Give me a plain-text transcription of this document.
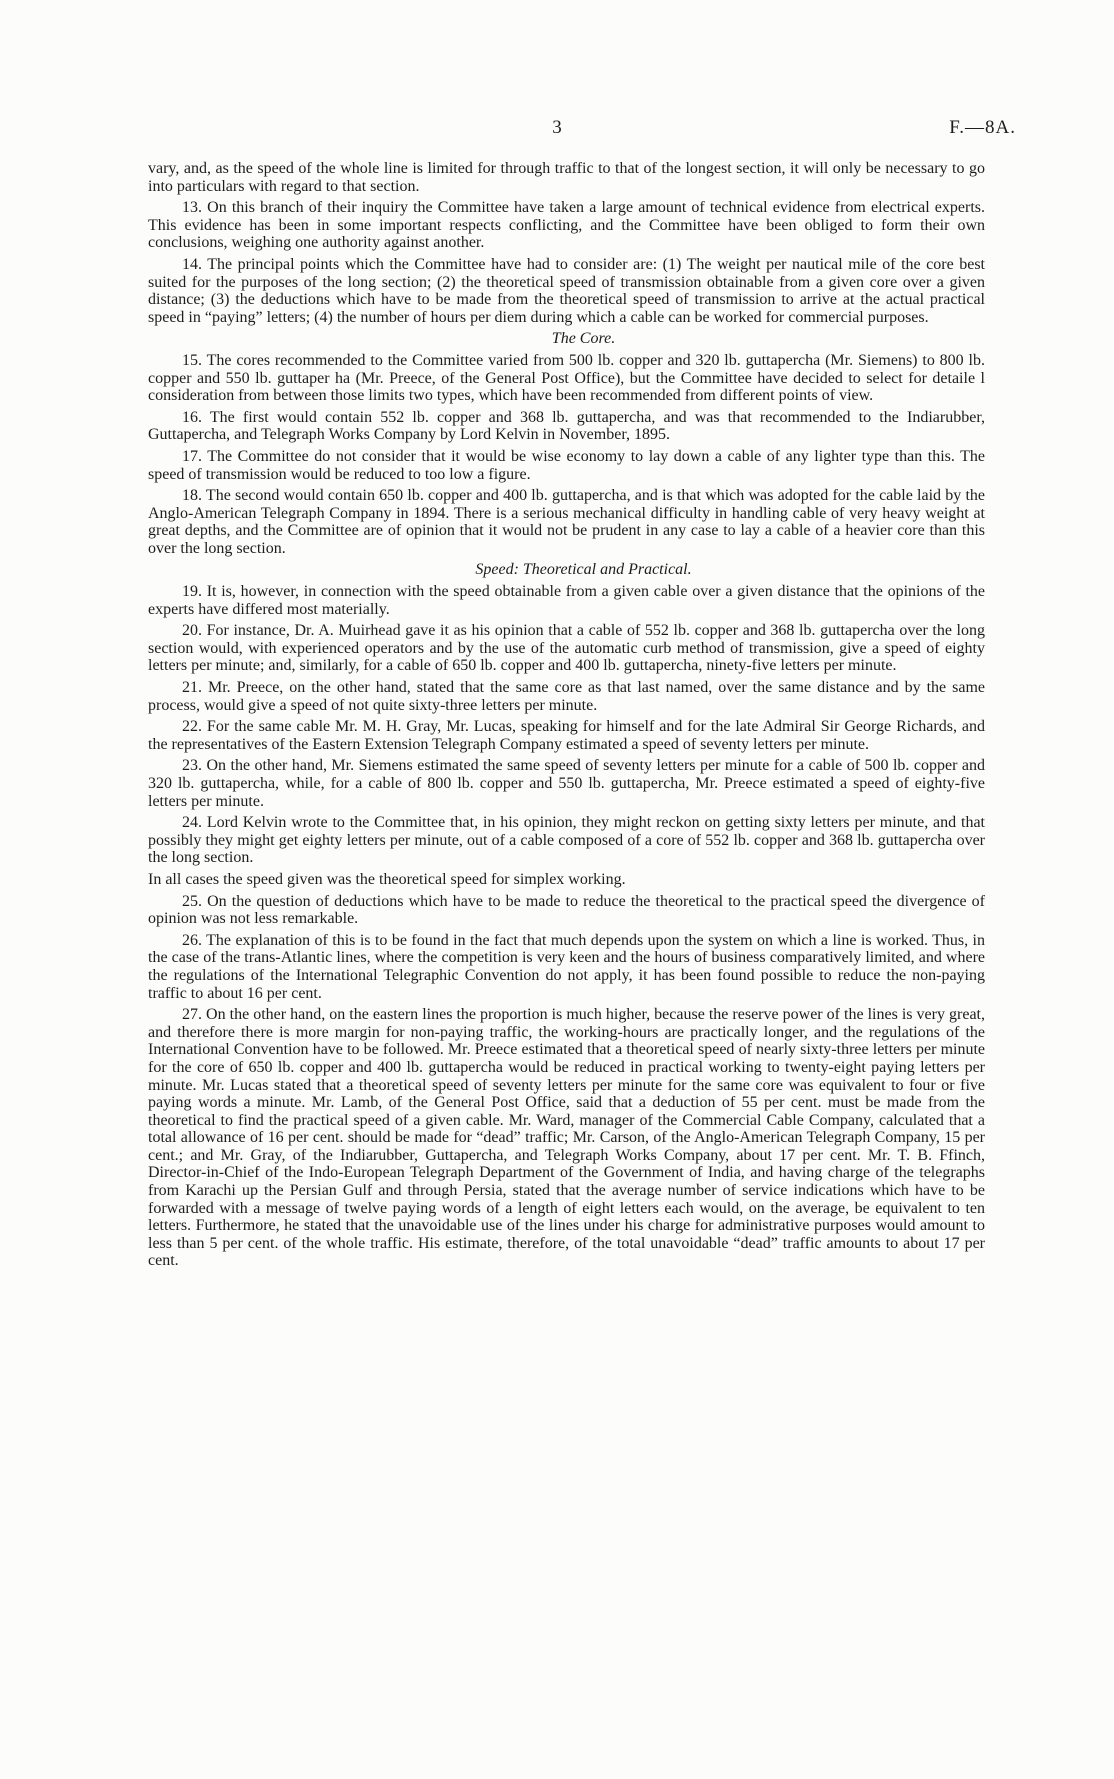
3	F.—8A.

vary, and, as the speed of the whole line is limited for through traffic to that of the longest section, it will only be necessary to go into particulars with regard to that section.

13. On this branch of their inquiry the Committee have taken a large amount of technical evidence from electrical experts. This evidence has been in some important respects conflicting, and the Committee have been obliged to form their own conclusions, weighing one authority against another.

14. The principal points which the Committee have had to consider are: (1) The weight per nautical mile of the core best suited for the purposes of the long section; (2) the theoretical speed of transmission obtainable from a given core over a given distance; (3) the deductions which have to be made from the theoretical speed of transmission to arrive at the actual practical speed in “paying” letters; (4) the number of hours per diem during which a cable can be worked for commercial purposes.

The Core.

15. The cores recommended to the Committee varied from 500 lb. copper and 320 lb. guttapercha (Mr. Siemens) to 800 lb. copper and 550 lb. guttaper ha (Mr. Preece, of the General Post Office), but the Committee have decided to select for detaile l consideration from between those limits two types, which have been recommended from different points of view.

16. The first would contain 552 lb. copper and 368 lb. guttapercha, and was that recommended to the Indiarubber, Guttapercha, and Telegraph Works Company by Lord Kelvin in November, 1895.

17. The Committee do not consider that it would be wise economy to lay down a cable of any lighter type than this. The speed of transmission would be reduced to too low a figure.

18. The second would contain 650 lb. copper and 400 lb. guttapercha, and is that which was adopted for the cable laid by the Anglo-American Telegraph Company in 1894. There is a serious mechanical difficulty in handling cable of very heavy weight at great depths, and the Committee are of opinion that it would not be prudent in any case to lay a cable of a heavier core than this over the long section.

Speed: Theoretical and Practical.

19. It is, however, in connection with the speed obtainable from a given cable over a given distance that the opinions of the experts have differed most materially.

20. For instance, Dr. A. Muirhead gave it as his opinion that a cable of 552 lb. copper and 368 lb. guttapercha over the long section would, with experienced operators and by the use of the automatic curb method of transmission, give a speed of eighty letters per minute; and, similarly, for a cable of 650 lb. copper and 400 lb. guttapercha, ninety-five letters per minute.

21. Mr. Preece, on the other hand, stated that the same core as that last named, over the same distance and by the same process, would give a speed of not quite sixty-three letters per minute.

22. For the same cable Mr. M. H. Gray, Mr. Lucas, speaking for himself and for the late Admiral Sir George Richards, and the representatives of the Eastern Extension Telegraph Company estimated a speed of seventy letters per minute.

23. On the other hand, Mr. Siemens estimated the same speed of seventy letters per minute for a cable of 500 lb. copper and 320 lb. guttapercha, while, for a cable of 800 lb. copper and 550 lb. guttapercha, Mr. Preece estimated a speed of eighty-five letters per minute.

24. Lord Kelvin wrote to the Committee that, in his opinion, they might reckon on getting sixty letters per minute, and that possibly they might get eighty letters per minute, out of a cable composed of a core of 552 lb. copper and 368 lb. guttapercha over the long section.

In all cases the speed given was the theoretical speed for simplex working.

25. On the question of deductions which have to be made to reduce the theoretical to the practical speed the divergence of opinion was not less remarkable.

26. The explanation of this is to be found in the fact that much depends upon the system on which a line is worked. Thus, in the case of the trans-Atlantic lines, where the competition is very keen and the hours of business comparatively limited, and where the regulations of the International Telegraphic Convention do not apply, it has been found possible to reduce the non-paying traffic to about 16 per cent.

27. On the other hand, on the eastern lines the proportion is much higher, because the reserve power of the lines is very great, and therefore there is more margin for non-paying traffic, the working-hours are practically longer, and the regulations of the International Convention have to be followed. Mr. Preece estimated that a theoretical speed of nearly sixty-three letters per minute for the core of 650 lb. copper and 400 lb. guttapercha would be reduced in practical working to twenty-eight paying letters per minute. Mr. Lucas stated that a theoretical speed of seventy letters per minute for the same core was equivalent to four or five paying words a minute. Mr. Lamb, of the General Post Office, said that a deduction of 55 per cent. must be made from the theoretical to find the practical speed of a given cable. Mr. Ward, manager of the Commercial Cable Company, calculated that a total allowance of 16 per cent. should be made for “dead” traffic; Mr. Carson, of the Anglo-American Telegraph Company, 15 per cent.; and Mr. Gray, of the Indiarubber, Guttapercha, and Telegraph Works Company, about 17 per cent. Mr. T. B. Ffinch, Director-in-Chief of the Indo-European Telegraph Department of the Government of India, and having charge of the telegraphs from Karachi up the Persian Gulf and through Persia, stated that the average number of service indications which have to be forwarded with a message of twelve paying words of a length of eight letters each would, on the average, be equivalent to ten letters. Furthermore, he stated that the unavoidable use of the lines under his charge for administrative purposes would amount to less than 5 per cent. of the whole traffic. His estimate, therefore, of the total unavoidable “dead” traffic amounts to about 17 per cent.
